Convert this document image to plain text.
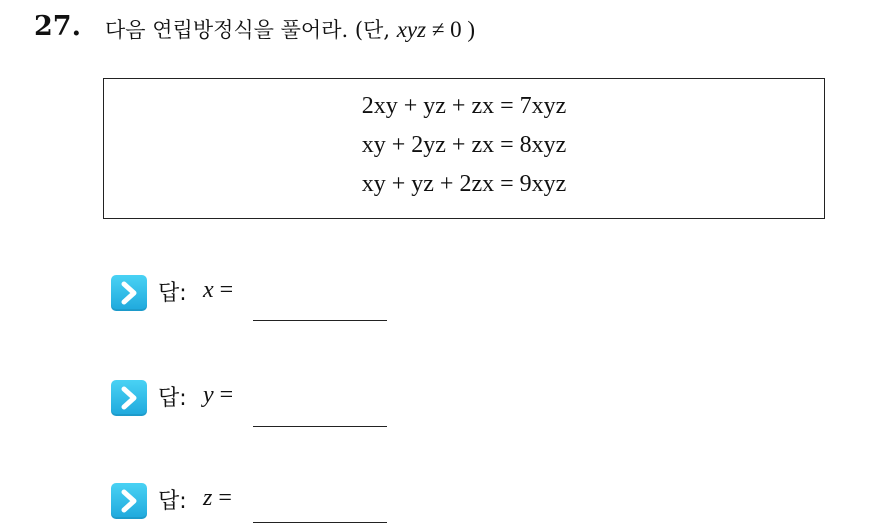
27. 다음 연립방정식을 풀어라. (단, xyz ≠ 0 )
2xy + yz + zx = 7xyz
xy + 2yz + zx = 8xyz
xy + yz + 2zx = 9xyz
답: x =
답: y =
답: z =
